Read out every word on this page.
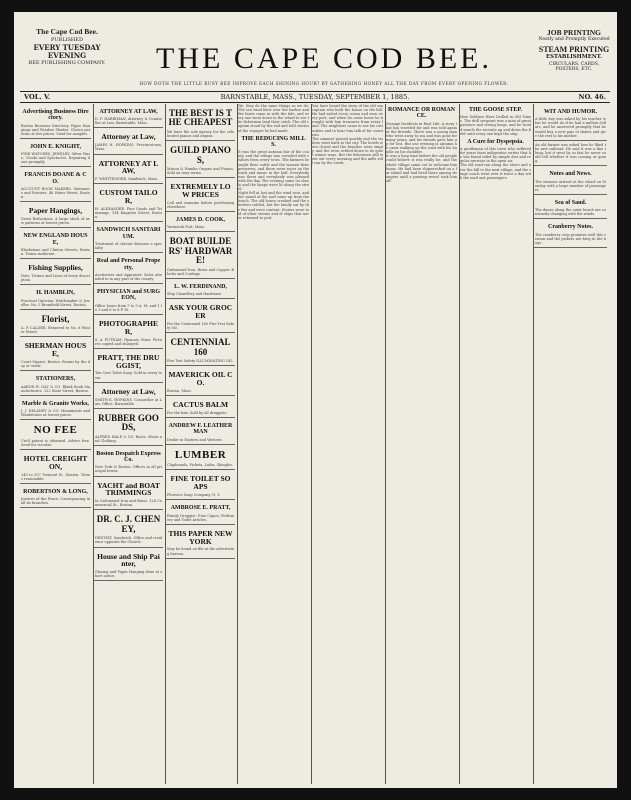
The Cape Cod Bee.
PUBLISHED
EVERY TUESDAY EVENING
BEE PUBLISHING COMPANY.	THE CAPE COD BEE.
HOW DOTH THE LITTLE BUSY BEE IMPROVE EACH SHINING HOUR? BY GATHERING HONEY ALL THE DAY FROM EVERY OPENING FLOWER.
JOB PRINTING
Neatly and Promptly Executed
STEAM PRINTING
ESTABLISHMENT.
CIRCULARS, CARDS, POSTERS, ETC.
BARNSTABLE, MASS., TUESDAY, SEPTEMBER 1, 1885.
VOL. V.	NO. 46.
Advertising Business Directory.

Boston Business Directory. Paper Hangings and Window Shades. Choice patterns at low prices. Send for samples.

JOHN E. KNIGHT,

FINE WATCHES, JEWELRY. Silver Ware, Clocks and Spectacles. Repairing done promptly.

FRANCIS DOANE & CO.

ACCOUNT BOOK MAKERS. Stationers and Printers. 46 Water Street, Boston.

Paper Hangings,

Great Reductions. A large stock of new patterns at lowest prices.

NEW ENGLAND HOUSE,

Blackstone and Clinton Streets, Boston. Terms moderate.

Fishing Supplies,

Nets, Twines and Lines of every description.

H. HAMBLIN,

Practical Optician, Watchmaker & Jeweller. No. 5 Bromfield Street, Boston.

Florist,

A. P. CALDER. Removed to No. 6 Winter Street.

SHERMAN HOUSE,

Court Square, Boston. Rooms by the day or week.

STATIONERS,

AARON R. GAY & CO. Blank Book Manufacturers. 122 State Street, Boston.

Marble & Granite Works,

J. J. DELANEY & CO. Monuments and Headstones at lowest prices.

NO FEE

Until patent is obtained. Advice free. Send for circular.

HOTEL CREIGHTON,

249 to 257 Tremont St., Boston. Terms reasonable.

ROBERTSON & LONG,

Justices of the Peace. Conveyancing in all its branches.

ATTORNEY AT LAW,

D. F. HARRIMAN, Attorney & Counsellor at Law, Barnstable, Mass.

Attorney at Law,

JAMES H. HOPKINS. Provincetown, Mass.

ATTORNEY AT LAW,

F. WHITTEMORE, Sandwich, Mass.

CUSTOM TAILOR,

H. ALEXANDER. Fine Goods and Trimmings, 154 Kingston Street, Boston.

SANDWICH SANITARIUM.

Treatment of chronic diseases a specialty.

Real and Personal Property,

Auctioneer and Appraiser. Sales attended to in any part of the county.

PHYSICIAN and SURGEON,

Office hours from 7 to 9 A. M. and 1 to 3 and 6 to 8 P. M.

PHOTOGRAPHER,

S. A. PUTNAM, Hyannis, Mass. Pictures copied and enlarged.

PRATT, THE DRUGGIST,

Ten Cent Toilet Soap. Sold in every town.

Attorney at Law,

SMITH K. HOPKINS. Counsellor at Law. Office, Barnstable.

RUBBER GOODS,

ALFRED HALE & CO. Boots, Shoes and Clothing.

Boston Despatch Express Co.

New York & Boston. Offices in all principal towns.

YACHT and BOAT TRIMMINGS

In Galvanized Iron and Brass. 126 Commercial St., Boston.

DR. C. J. CHENEY,

DENTIST, Sandwich. Office and residence opposite the Church.

House and Ship Painter,

Glazing and Paper Hanging done at short notice.

THE BEST IS THE CHEAPEST

We have the sole agency for the celebrated pianos and organs.

GUILD PIANOS,

Mason & Hamlin Organs and Pianos. Sold on easy terms.

EXTREMELY LOW PRICES

Call and examine before purchasing elsewhere.

JAMES D. COOK,

Yarmouth Port, Mass.

BOAT BUILDERS' HARDWARE!

Galvanized Iron, Brass and Copper. Blocks and Cordage.

L. W. FERDINAND,

Ship Chandlery and Hardware.

ASK YOUR GROCER

For the Centennial 160 Fire Test Safety Oil.

CENTENNIAL 160

Fire Test Safety ILLUMINATING OIL.

MAVERICK OIL CO.

Boston, Mass.

CACTUS BALM

For the hair. Sold by all druggists.

ANDREW F. LEATHERMAN

Dealer in Eastern and Western

LUMBER

Clapboards, Pickets, Laths, Shingles.

FINE TOILET SOAPS

Florence Soap Company, N. Y.

AMBROSE E. PRATT,

Family Druggist. Fine Cigars, Perfumery and Toilet Articles.

THIS PAPER NEW YORK

May be found on file at the advertising bureau.

We, they do the same things as we do. The sea wind blew over the harbor and the boats came in with the tide, and every one went down to the wharf to see the fishermen land their catch. The old captain stood by the rail and told stories of the voyages he had made.

THE REDUCING MILLS.

It was the great autumn fair of the county, and the village was crowded with visitors from every town. The farmers brought their cattle and the women their preserves, and there were races on the track and music in the hall. Everybody was there and everybody was pleased with the day. The evening came on slowly and the lamps were lit along the street.

Night fell at last and the wind rose, and the sound of the surf came up from the beach. The old house creaked and the shutters rattled, but the family sat by the fire and were content. Stories were told of other storms and of ships that never returned to port.

You have heard the story of the old sea captain who built the house on the hill. He had sailed every ocean and seen every port, and when he came home he brought with him treasures from every land. The neighbors came to see his curiosities and to hear him talk of far countries.

The summer passed quickly and the visitors went back to the city. The hotels were closed and the beaches were empty, and the town settled down to its quiet winter ways. But the fishermen still went out every morning and the mills still ran by the creek.

ROMANCE OR ROMANCE.

Strange Incidents in Real Life. A story that has traveled far and was told again at the fireside. There was a young man who went away to sea and was gone for many years, and his friends gave him up for lost. But one evening in autumn he came walking up the road with his bundle on his shoulder.

It was a long time before the old people could believe it was really he, and the whole village came out to welcome him home. He had been shipwrecked on a far island and had lived there among strangers until a passing vessel took him off.

THE GOOSE STEP.

How Soldiers Were Drilled in Old Times. The drill sergeant was a man of great patience and strong lungs, and he would march the recruits up and down the field until every one kept the step.

A Cure for Dyspepsia.

A gentleman of this town who suffered for years from indigestion writes that he has found relief by simple diet and regular exercise in the open air.

The old road ran along the shore and over the hill to the next village, and the stage coach went over it twice a day with the mail and passengers.

WIT AND HUMOR.

A little boy was asked by his teacher what he would do if he had a million dollars, and he answered promptly that he would buy a new pair of skates and give the rest to his mother.

An old farmer was asked how he liked the new railroad. He said it was a fine thing, but it went by so fast he never could tell whether it was coming or going.

Notes and News.

The steamer arrived at the wharf on Monday with a large number of passengers.

Sea of Sand.

The dunes along the outer beach are constantly changing with the winds.

Cranberry Notes.

The cranberry crop promises well this season and the pickers are busy in the bogs.
